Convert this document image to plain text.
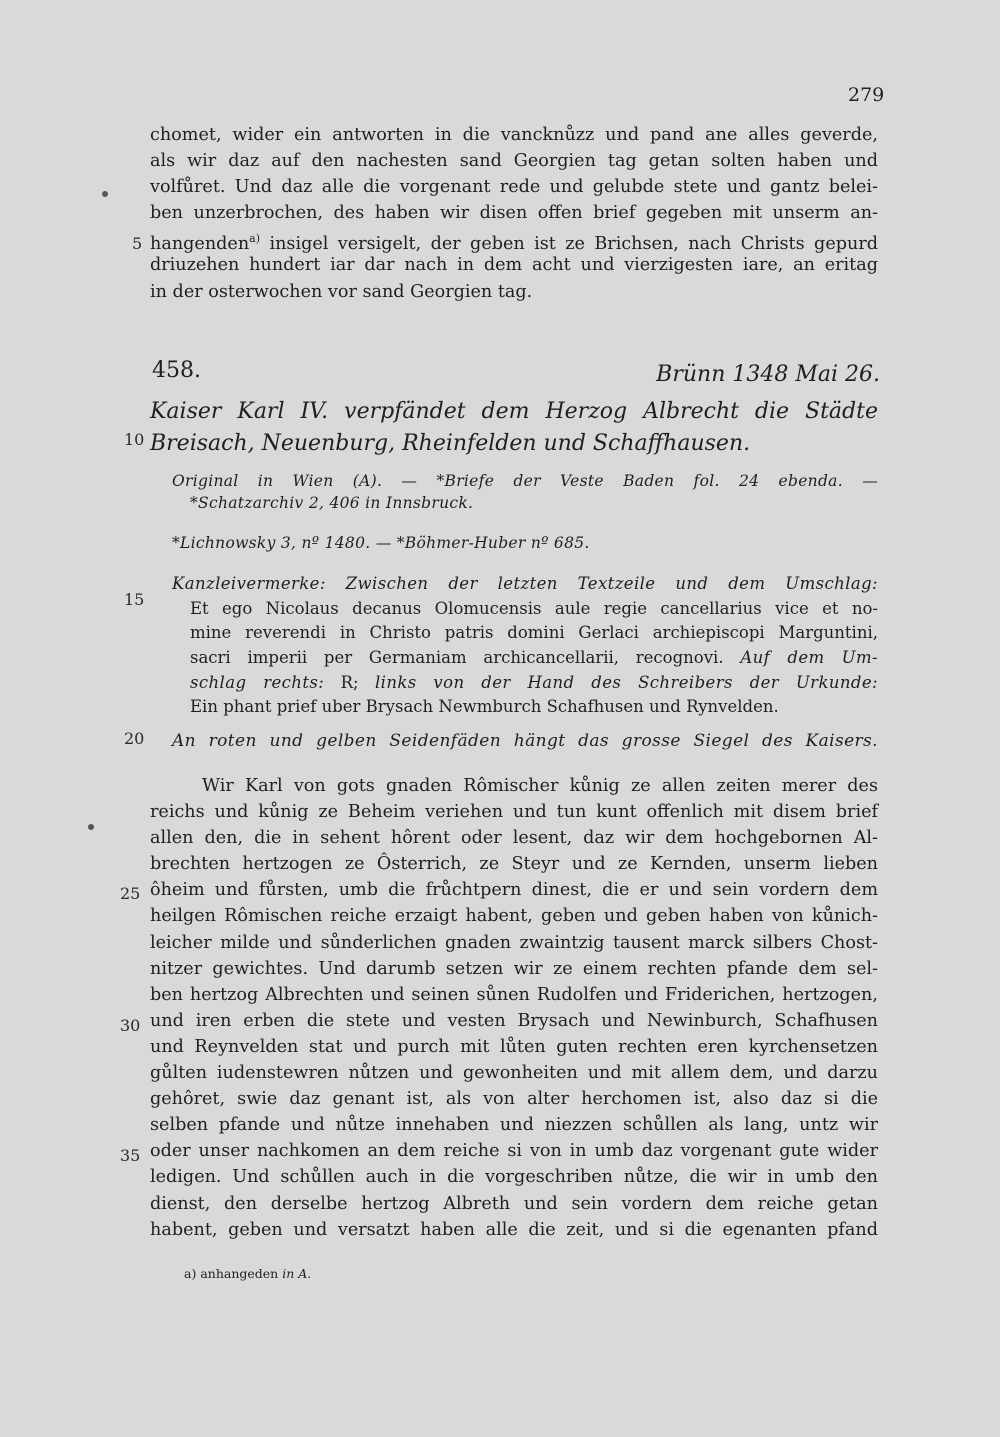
279
chomet, wider ein antworten in die vancknůzz und pand ane alles geverde,
als wir daz auf den nachesten sand Georgien tag getan solten haben und
volfůret. Und daz alle die vorgenant rede und gelubde stete und gantz belei-
ben unzerbrochen, des haben wir disen offen brief gegeben mit unserm an-
hangenden$^{a)}$ insigel versigelt, der geben ist ze Brichsen, nach Christs gepurd
driuzehen hundert iar dar nach in dem acht und vierzigesten iare, an eritag
in der osterwochen vor sand Georgien tag.
5
10
15
20
25
30
35
458.	Brünn 1348 Mai 26.
Kaiser Karl IV. verpfändet dem Herzog Albrecht die Städte
Breisach, Neuenburg, Rheinfelden und Schaffhausen.
Original in Wien (A). — *Briefe der Veste Baden fol. 24 ebenda. —
*Schatzarchiv 2, 406 in Innsbruck.
*Lichnowsky 3, nº 1480. — *Böhmer-Huber nº 685.
Kanzleivermerke: Zwischen der letzten Textzeile und dem Umschlag:
Et ego Nicolaus decanus Olomucensis aule regie cancellarius vice et no-
mine reverendi in Christo patris domini Gerlaci archiepiscopi Marguntini,
sacri imperii per Germaniam archicancellarii, recognovi. Auf dem Um-
schlag rechts: R; links von der Hand des Schreibers der Urkunde:
Ein phant prief uber Brysach Newmburch Schafhusen und Rynvelden.
An roten und gelben Seidenfäden hängt das grosse Siegel des Kaisers.
Wir Karl von gots gnaden Rômischer kůnig ze allen zeiten merer des
reichs und kůnig ze Beheim veriehen und tun kunt offenlich mit disem brief
allen den, die in sehent hôrent oder lesent, daz wir dem hochgebornen Al-
brechten hertzogen ze Ôsterrich, ze Steyr und ze Kernden, unserm lieben
ôheim und fůrsten, umb die frůchtpern dinest, die er und sein vordern dem
heilgen Rômischen reiche erzaigt habent, geben und geben haben von kůnich-
leicher milde und sůnderlichen gnaden zwaintzig tausent marck silbers Chost-
nitzer gewichtes. Und darumb setzen wir ze einem rechten pfande dem sel-
ben hertzog Albrechten und seinen sůnen Rudolfen und Friderichen, hertzogen,
und iren erben die stete und vesten Brysach und Newinburch, Schafhusen
und Reynvelden stat und purch mit lůten guten rechten eren kyrchensetzen
gůlten iudenstewren nůtzen und gewonheiten und mit allem dem, und darzu
gehôret, swie daz genant ist, als von alter herchomen ist, also daz si die
selben pfande und nůtze innehaben und niezzen schůllen als lang, untz wir
oder unser nachkomen an dem reiche si von in umb daz vorgenant gute wider
ledigen. Und schůllen auch in die vorgeschriben nůtze, die wir in umb den
dienst, den derselbe hertzog Albreth und sein vordern dem reiche getan
habent, geben und versatzt haben alle die zeit, und si die egenanten pfand
a) anhangeden in A.
